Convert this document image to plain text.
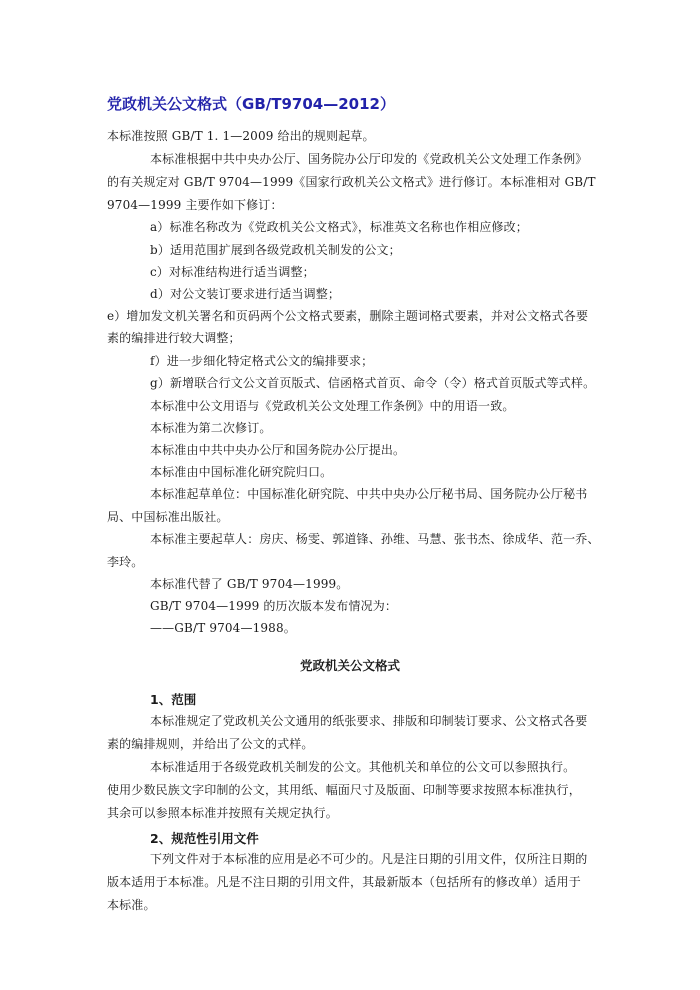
党政机关公文格式（GB/T9704—2012）
本标准按照 GB/T 1. 1—2009 给出的规则起草。
本标准根据中共中央办公厅、国务院办公厅印发的《党政机关公文处理工作条例》
的有关规定对 GB/T 9704—1999《国家行政机关公文格式》进行修订。本标准相对 GB/T
9704—1999 主要作如下修订：
a）标准名称改为《党政机关公文格式》，标准英文名称也作相应修改；
b）适用范围扩展到各级党政机关制发的公文；
c）对标准结构进行适当调整；
d）对公文装订要求进行适当调整；
e）增加发文机关署名和页码两个公文格式要素，删除主题词格式要素，并对公文格式各要
素的编排进行较大调整；
f）进一步细化特定格式公文的编排要求；
g）新增联合行文公文首页版式、信函格式首页、命令（令）格式首页版式等式样。
本标准中公文用语与《党政机关公文处理工作条例》中的用语一致。
本标准为第二次修订。
本标准由中共中央办公厅和国务院办公厅提出。
本标准由中国标准化研究院归口。
本标准起草单位：中国标准化研究院、中共中央办公厅秘书局、国务院办公厅秘书
局、中国标准出版社。
本标准主要起草人：房庆、杨雯、郭道锋、孙维、马慧、张书杰、徐成华、范一乔、
李玲。
本标准代替了 GB/T 9704—1999。
GB/T 9704—1999 的历次版本发布情况为：
——GB/T 9704—1988。
党政机关公文格式
1、范围
本标准规定了党政机关公文通用的纸张要求、排版和印制装订要求、公文格式各要
素的编排规则，并给出了公文的式样。
本标准适用于各级党政机关制发的公文。其他机关和单位的公文可以参照执行。
使用少数民族文字印制的公文，其用纸、幅面尺寸及版面、印制等要求按照本标准执行，
其余可以参照本标准并按照有关规定执行。
2、规范性引用文件
下列文件对于本标准的应用是必不可少的。凡是注日期的引用文件，仅所注日期的
版本适用于本标准。凡是不注日期的引用文件，其最新版本（包括所有的修改单）适用于
本标准。
